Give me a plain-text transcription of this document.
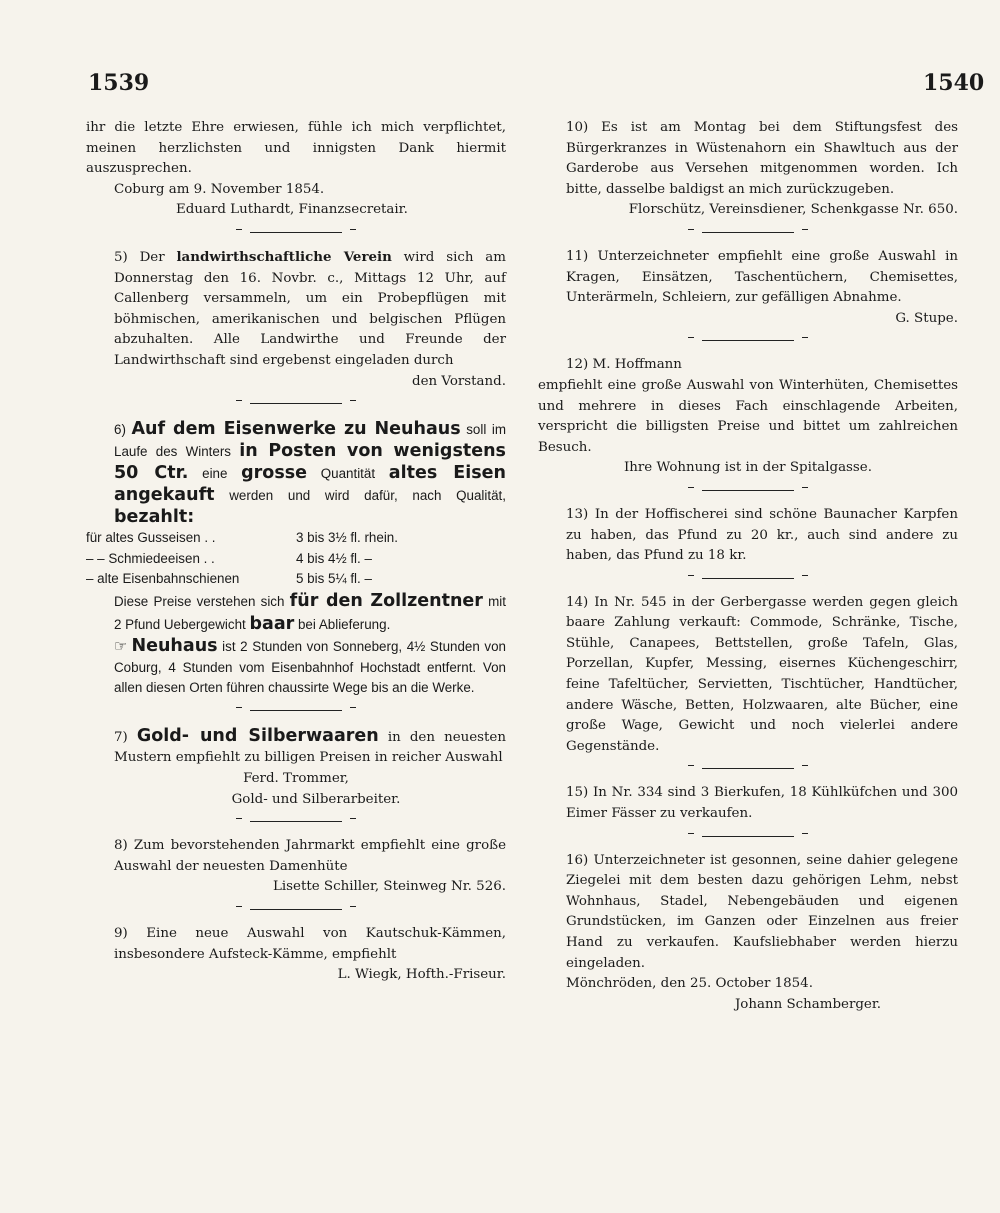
1539	1540

ihr die letzte Ehre erwiesen, fühle ich mich verpflichtet, meinen herzlichsten und innigsten Dank hiermit auszusprechen.

Coburg am 9. November 1854.

Eduard Luthardt, Finanzsecretair.

5) Der landwirthschaftliche Verein wird sich am Donnerstag den 16. Novbr. c., Mittags 12 Uhr, auf Callenberg versammeln, um ein Probepflügen mit böhmischen, amerikanischen und belgischen Pflügen abzuhalten. Alle Landwirthe und Freunde der Landwirthschaft sind ergebenst eingeladen durch

den Vorstand.

6) Auf dem Eisenwerke zu Neuhaus soll im Laufe des Winters in Posten von wenigstens 50 Ctr. eine grosse Quantität altes Eisen angekauft werden und wird dafür, nach Qualität, bezahlt:

für altes Gusseisen . .	3 bis 3½ fl. rhein.
– – Schmiedeeisen . .	4 bis 4½ fl. –
– alte Eisenbahnschienen	5 bis 5¼ fl. –

Diese Preise verstehen sich für den Zollzentner mit 2 Pfund Uebergewicht baar bei Ablieferung.

☞ Neuhaus ist 2 Stunden von Sonneberg, 4½ Stunden von Coburg, 4 Stunden vom Eisenbahnhof Hochstadt entfernt. Von allen diesen Orten führen chaussirte Wege bis an die Werke.

7) Gold- und Silberwaaren in den neuesten Mustern empfiehlt zu billigen Preisen in reicher Auswahl

Ferd. Trommer,

Gold- und Silberarbeiter.

8) Zum bevorstehenden Jahrmarkt empfiehlt eine große Auswahl der neuesten Damenhüte

Lisette Schiller, Steinweg Nr. 526.

9) Eine neue Auswahl von Kautschuk-Kämmen, insbesondere Aufsteck-Kämme, empfiehlt

L. Wiegk, Hofth.-Friseur.

10) Es ist am Montag bei dem Stiftungsfest des Bürgerkranzes in Wüstenahorn ein Shawltuch aus der Garderobe aus Versehen mitgenommen worden. Ich bitte, dasselbe baldigst an mich zurückzugeben.

Florschütz, Vereinsdiener, Schenkgasse Nr. 650.

11) Unterzeichneter empfiehlt eine große Auswahl in Kragen, Einsätzen, Taschentüchern, Chemisettes, Unterärmeln, Schleiern, zur gefälligen Abnahme.

G. Stupe.

12) M. Hoffmann

empfiehlt eine große Auswahl von Winterhüten, Chemisettes und mehrere in dieses Fach einschlagende Arbeiten, verspricht die billigsten Preise und bittet um zahlreichen Besuch.

Ihre Wohnung ist in der Spitalgasse.

13) In der Hoffischerei sind schöne Baunacher Karpfen zu haben, das Pfund zu 20 kr., auch sind andere zu haben, das Pfund zu 18 kr.

14) In Nr. 545 in der Gerbergasse werden gegen gleich baare Zahlung verkauft: Commode, Schränke, Tische, Stühle, Canapees, Bettstellen, große Tafeln, Glas, Porzellan, Kupfer, Messing, eisernes Küchengeschirr, feine Tafeltücher, Servietten, Tischtücher, Handtücher, andere Wäsche, Betten, Holzwaaren, alte Bücher, eine große Wage, Gewicht und noch vielerlei andere Gegenstände.

15) In Nr. 334 sind 3 Bierkufen, 18 Kühlküfchen und 300 Eimer Fässer zu verkaufen.

16) Unterzeichneter ist gesonnen, seine dahier gelegene Ziegelei mit dem besten dazu gehörigen Lehm, nebst Wohnhaus, Stadel, Nebengebäuden und eigenen Grundstücken, im Ganzen oder Einzelnen aus freier Hand zu verkaufen. Kaufsliebhaber werden hierzu eingeladen.

Mönchröden, den 25. October 1854.

Johann Schamberger.
